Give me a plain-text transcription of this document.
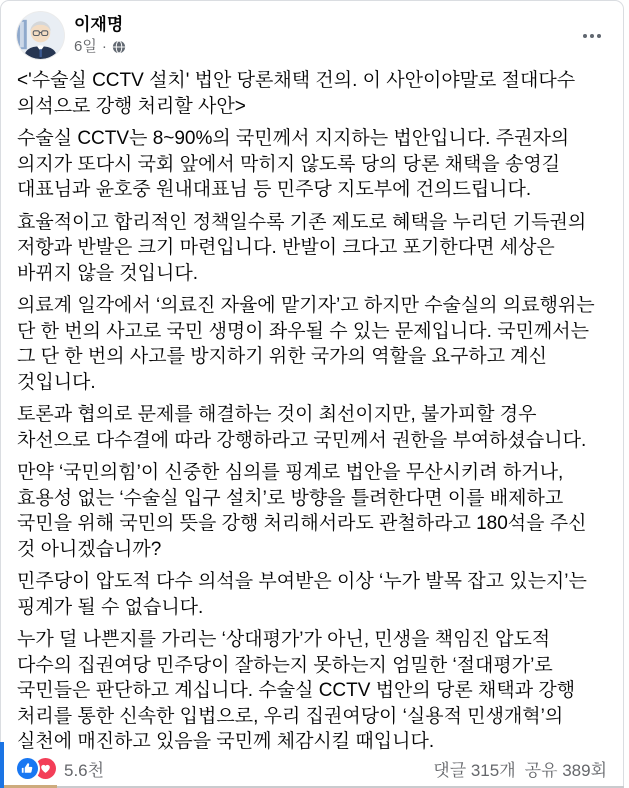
이재명
6일 ·

<'수술실 CCTV 설치' 법안 당론채택 건의. 이 사안이야말로 절대다수 의석으로 강행 처리할 사안>

수술실 CCTV는 8~90%의 국민께서 지지하는 법안입니다. 주권자의 의지가 또다시 국회 앞에서 막히지 않도록 당의 당론 채택을 송영길 대표님과 윤호중 원내대표님 등 민주당 지도부에 건의드립니다.

효율적이고 합리적인 정책일수록 기존 제도로 혜택을 누리던 기득권의 저항과 반발은 크기 마련입니다. 반발이 크다고 포기한다면 세상은 바뀌지 않을 것입니다.

의료계 일각에서 ‘의료진 자율에 맡기자’고 하지만 수술실의 의료행위는 단 한 번의 사고로 국민 생명이 좌우될 수 있는 문제입니다. 국민께서는 그 단 한 번의 사고를 방지하기 위한 국가의 역할을 요구하고 계신 것입니다.

토론과 협의로 문제를 해결하는 것이 최선이지만, 불가피할 경우 차선으로 다수결에 따라 강행하라고 국민께서 권한을 부여하셨습니다.

만약 ‘국민의힘’이 신중한 심의를 핑계로 법안을 무산시키려 하거나, 효용성 없는 ‘수술실 입구 설치’로 방향을 틀려한다면 이를 배제하고 국민을 위해 국민의 뜻을 강행 처리해서라도 관철하라고 180석을 주신 것 아니겠습니까?

민주당이 압도적 다수 의석을 부여받은 이상 ‘누가 발목 잡고 있는지’는 핑계가 될 수 없습니다.

누가 덜 나쁜지를 가리는 ‘상대평가’가 아닌, 민생을 책임진 압도적 다수의 집권여당 민주당이 잘하는지 못하는지 엄밀한 ‘절대평가’로 국민들은 판단하고 계십니다. 수술실 CCTV 법안의 당론 채택과 강행 처리를 통한 신속한 입법으로, 우리 집권여당이 ‘실용적 민생개혁’의 실천에 매진하고 있음을 국민께 체감시킬 때입니다.

5.6천	댓글 315개 공유 389회
